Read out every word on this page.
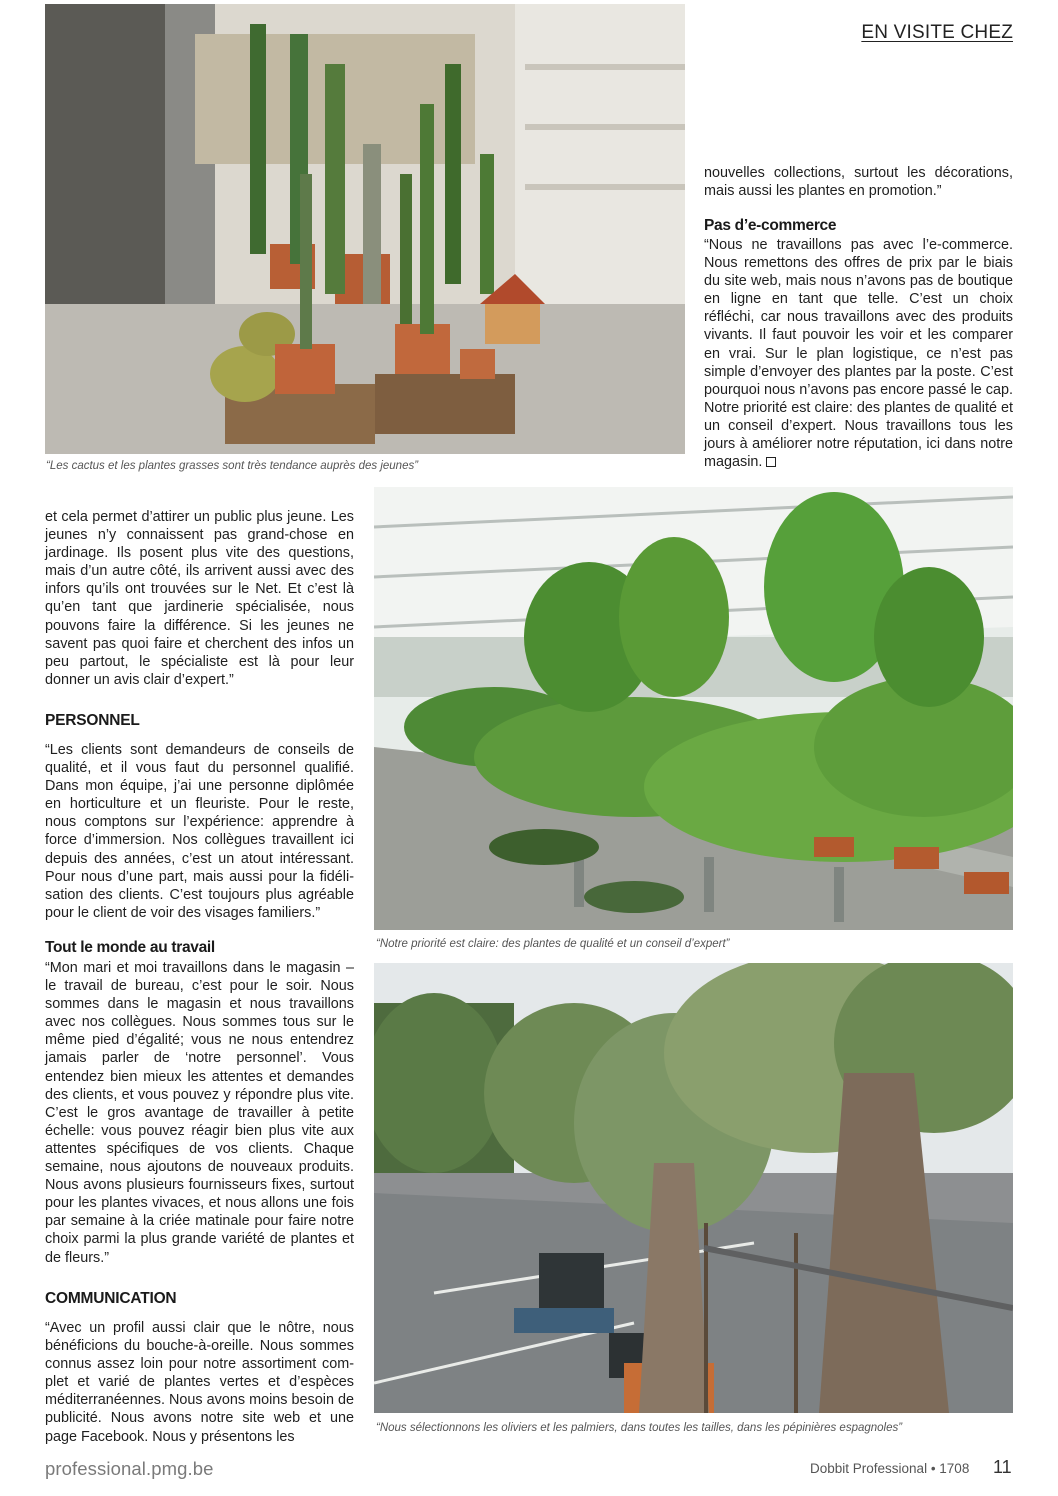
EN VISITE CHEZ
“Les cactus et les plantes grasses sont très tendance auprès des jeunes”

nouvelles collections, surtout les décorations, mais aussi les plantes en promotion.”

Pas d’e-commerce

“Nous ne travaillons pas avec l’e-commerce. Nous remettons des offres de prix par le biais du site web, mais nous n’avons pas de boutique en ligne en tant que telle. C’est un choix réfléchi, car nous travaillons avec des produits vivants. Il faut pouvoir les voir et les comparer en vrai. Sur le plan logistique, ce n’est pas simple d’envoyer des plantes par la poste. C’est pourquoi nous n’avons pas encore passé le cap. Notre priorité est claire: des plantes de qualité et un conseil d’expert. Nous travaillons tous les jours à améliorer notre réputation, ici dans notre magasin.

“Notre priorité est claire: des plantes de qualité et un conseil d’expert”
“Nous sélectionnons les oliviers et les palmiers, dans toutes les tailles, dans les pépinières espagnoles”

et cela permet d’attirer un public plus jeune. Les jeunes n’y connaissent pas grand-chose en jardinage. Ils posent plus vite des questions, mais d’un autre côté, ils arrivent aussi avec des infors qu’ils ont trouvées sur le Net. Et c’est là qu’en tant que jardinerie spécialisée, nous pouvons faire la différence. Si les jeunes ne savent pas quoi faire et cherchent des infos un peu partout, le spécialiste est là pour leur donner un avis clair d’expert.”

PERSONNEL

“Les clients sont demandeurs de conseils de qualité, et il vous faut du personnel qualifié. Dans mon équipe, j’ai une personne diplômée en horticulture et un fleuriste. Pour le reste, nous comptons sur l’expérience: apprendre à force d’immersion. Nos collègues travaillent ici depuis des années, c’est un atout intéressant. Pour nous d’une part, mais aussi pour la fidélisation des clients. C’est toujours plus agréable pour le client de voir des visages familiers.”

Tout le monde au travail

“Mon mari et moi travaillons dans le magasin – le travail de bureau, c’est pour le soir. Nous sommes dans le magasin et nous travaillons avec nos collègues. Nous sommes tous sur le même pied d’égalité; vous ne nous entendrez jamais parler de ‘notre personnel’. Vous entendez bien mieux les attentes et demandes des clients, et vous pouvez y répondre plus vite. C’est le gros avantage de travailler à petite échelle: vous pouvez réagir bien plus vite aux attentes spécifiques de vos clients. Chaque semaine, nous ajoutons de nouveaux produits. Nous avons plusieurs fournisseurs fixes, surtout pour les plantes vivaces, et nous allons une fois par semaine à la criée matinale pour faire notre choix parmi la plus grande variété de plantes et de fleurs.”

COMMUNICATION

“Avec un profil aussi clair que le nôtre, nous bénéficions du bouche-à-oreille. Nous sommes connus assez loin pour notre assortiment complet et varié de plantes vertes et d’espèces méditerranéennes. Nous avons moins besoin de publicité. Nous avons notre site web et une page Facebook. Nous y présentons les

professional.pmg.be	Dobbit Professional • 1708 11
